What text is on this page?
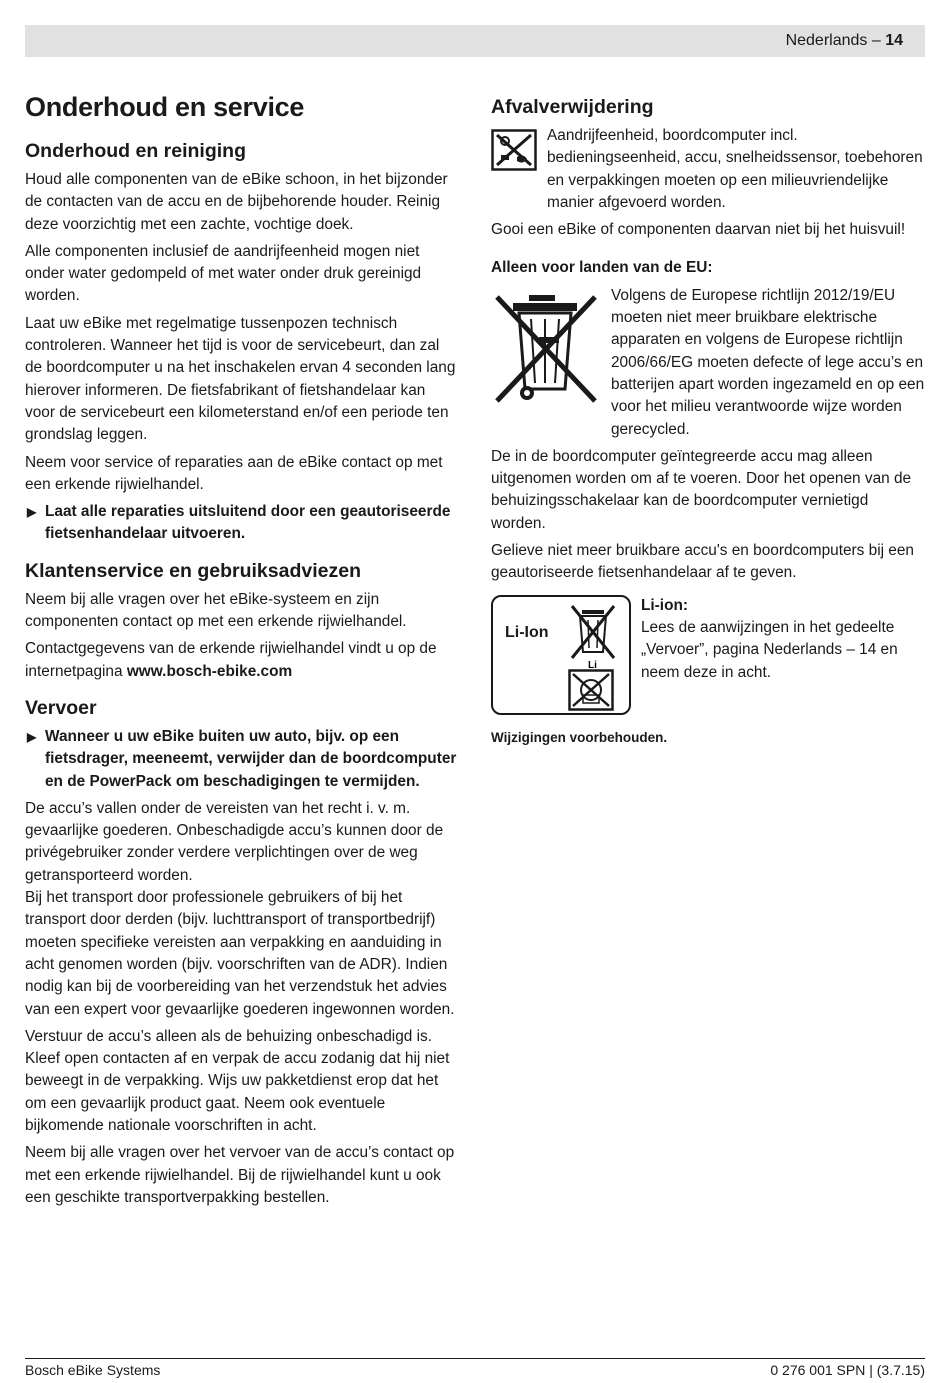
Nederlands – 14
Onderhoud en service
Onderhoud en reiniging

Houd alle componenten van de eBike schoon, in het bijzonder de contacten van de accu en de bijbehorende houder. Reinig deze voorzichtig met een zachte, vochtige doek.

Alle componenten inclusief de aandrijfeenheid mogen niet onder water gedompeld of met water onder druk gereinigd worden.

Laat uw eBike met regelmatige tussenpozen technisch controleren. Wanneer het tijd is voor de servicebeurt, dan zal de boordcomputer u na het inschakelen ervan 4 seconden lang hierover informeren. De fietsfabrikant of fietshandelaar kan voor de servicebeurt een kilometerstand en/of een periode ten grondslag leggen.

Neem voor service of reparaties aan de eBike contact op met een erkende rijwielhandel.

▶ Laat alle reparaties uitsluitend door een geautoriseerde fietsenhandelaar uitvoeren.
Klantenservice en gebruiksadviezen

Neem bij alle vragen over het eBike-systeem en zijn componenten contact op met een erkende rijwielhandel.

Contactgegevens van de erkende rijwielhandel vindt u op de internetpagina www.bosch-ebike.com

Vervoer
▶ Wanneer u uw eBike buiten uw auto, bijv. op een fietsdrager, meeneemt, verwijder dan de boordcomputer en de PowerPack om beschadigingen te vermijden.

De accu’s vallen onder de vereisten van het recht i. v. m. gevaarlijke goederen. Onbeschadigde accu’s kunnen door de privégebruiker zonder verdere verplichtingen over de weg getransporteerd worden.

Bij het transport door professionele gebruikers of bij het transport door derden (bijv. luchttransport of transportbedrijf) moeten specifieke vereisten aan verpakking en aanduiding in acht genomen worden (bijv. voorschriften van de ADR). Indien nodig kan bij de voorbereiding van het verzendstuk het advies van een expert voor gevaarlijke goederen ingewonnen worden.

Verstuur de accu’s alleen als de behuizing onbeschadigd is. Kleef open contacten af en verpak de accu zodanig dat hij niet beweegt in de verpakking. Wijs uw pakketdienst erop dat het om een gevaarlijk product gaat. Neem ook eventuele bijkomende nationale voorschriften in acht.

Neem bij alle vragen over het vervoer van de accu’s contact op met een erkende rijwielhandel. Bij de rijwielhandel kunt u ook een geschikte transportverpakking bestellen.

Afvalverwijdering
Aandrijfeenheid, boordcomputer incl. bedieningseenheid, accu, snelheidssensor, toebehoren en verpakkingen moeten op een milieuvriendelijke manier afgevoerd worden.

Gooi een eBike of componenten daarvan niet bij het huisvuil!

Alleen voor landen van de EU:

Volgens de Europese richtlijn 2012/19/EU moeten niet meer bruikbare elektrische apparaten en volgens de Europese richtlijn 2006/66/EG moeten defecte of lege accu’s en batterijen apart worden ingezameld en op een voor het milieu verantwoorde wijze worden gerecycled.

De in de boordcomputer geïntegreerde accu mag alleen uitgenomen worden om af te voeren. Door het openen van de behuizingsschakelaar kan de boordcomputer vernietigd worden.

Gelieve niet meer bruikbare accu's en boordcomputers bij een geautoriseerde fietsenhandelaar af te geven.

Li-Ion
Li
Li-ion:
Lees de aanwijzingen in het gedeelte „Vervoer”, pagina Nederlands – 14 en neem deze in acht.
Wijzigingen voorbehouden.
Bosch eBike Systems	0 276 001 SPN | (3.7.15)
